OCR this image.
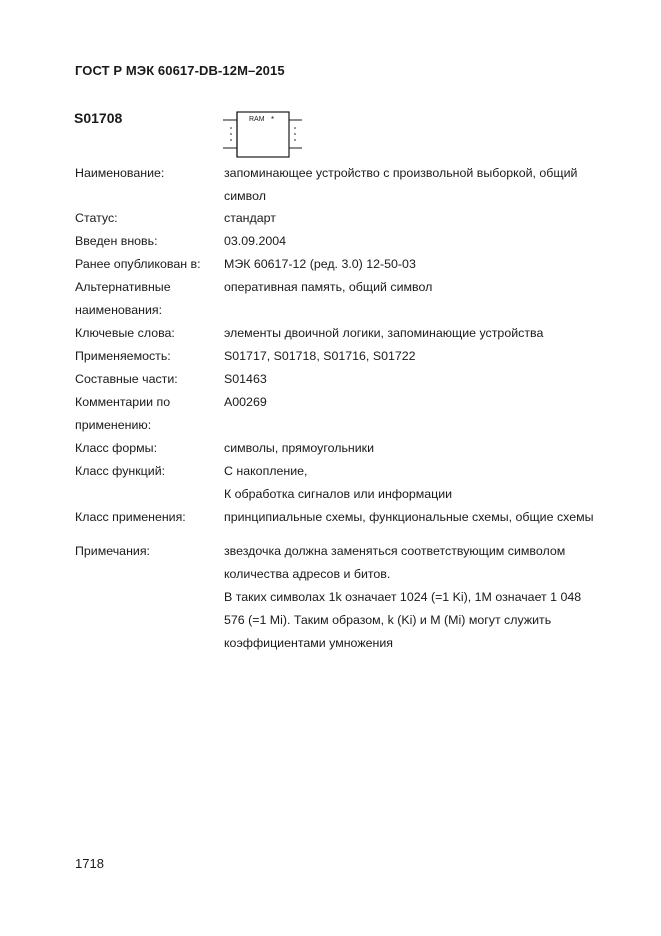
ГОСТ Р МЭК 60617-DB-12M–2015
S01708	RAM *
Наименование:	запоминающее устройство с произвольной выборкой, общий
символ
Статус:	стандарт
Введен вновь:	03.09.2004
Ранее опубликован в: МЭК 60617-12 (ред. 3.0) 12-50-03
Альтернативные
наименования:
оперативная память, общий символ
Ключевые слова:	элементы двоичной логики, запоминающие устройства
Применяемость:	S01717, S01718, S01716, S01722
Составные части:	S01463
Комментарии по
применению:
A00269
Класс формы:	символы, прямоугольники
Класс функций:	С накопление,
К обработка сигналов или информации
Класс применения:	принципиальные схемы, функциональные схемы, общие схемы
Примечания:	звездочка должна заменяться соответствующим символом
количества адресов и битов.
В таких символах 1k означает 1024 (=1 Ki), 1M означает 1 048
576 (=1 Mi). Таким образом, k (Ki) и M (Mi) могут служить
коэффициентами умножения
1718
